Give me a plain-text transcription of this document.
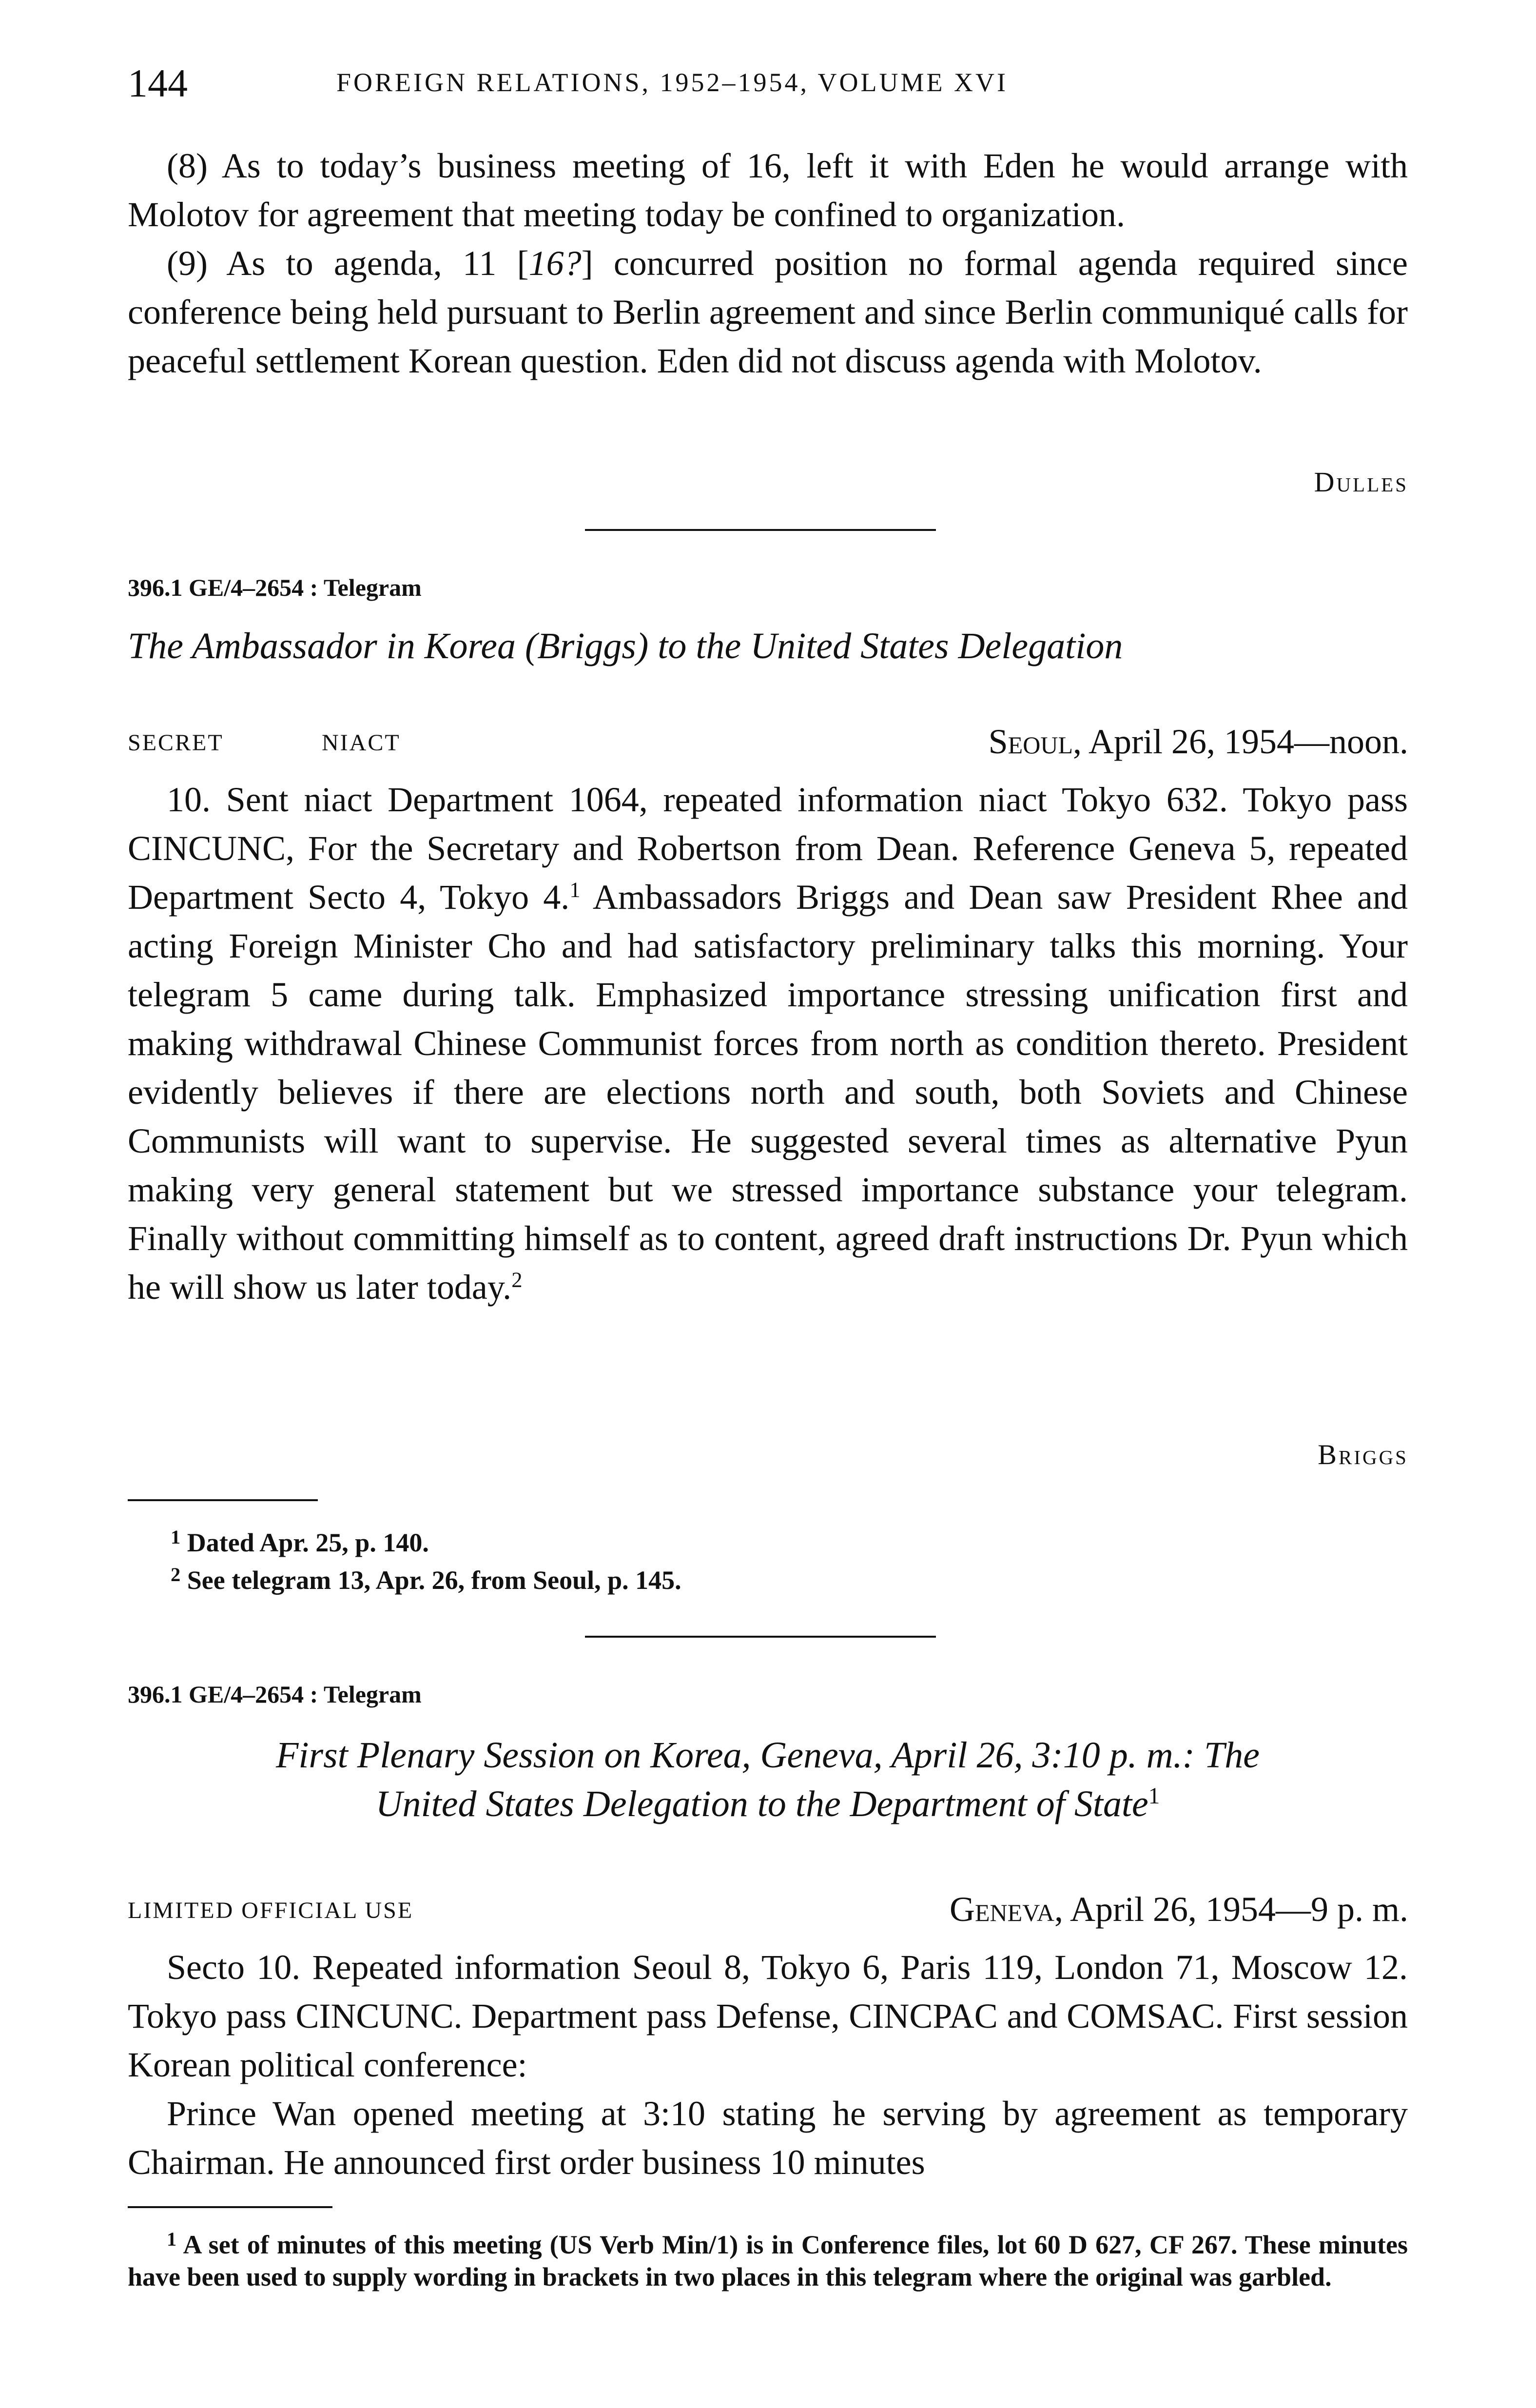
144	FOREIGN RELATIONS, 1952–1954, VOLUME XVI

(8) As to today’s business meeting of 16, left it with Eden he would arrange with Molotov for agreement that meeting today be confined to organization.

(9) As to agenda, 11 [16?] concurred position no formal agenda required since conference being held pursuant to Berlin agreement and since Berlin communiqué calls for peaceful settlement Korean question. Eden did not discuss agenda with Molotov.

Dulles
396.1 GE/4–2654 : Telegram
The Ambassador in Korea (Briggs) to the United States Delegation
SECRET	NIACT	Seoul, April 26, 1954—noon.
10. Sent niact Department 1064, repeated information niact Tokyo 632. Tokyo pass CINCUNC, For the Secretary and Robertson from Dean. Reference Geneva 5, repeated Department Secto 4, Tokyo 4.$^1$ Ambassadors Briggs and Dean saw President Rhee and acting Foreign Minister Cho and had satisfactory preliminary talks this morning. Your telegram 5 came during talk. Emphasized importance stressing unification first and making withdrawal Chinese Communist forces from north as condition thereto. President evidently believes if there are elections north and south, both Soviets and Chinese Communists will want to supervise. He suggested several times as alternative Pyun making very general statement but we stressed importance substance your telegram. Finally without committing himself as to content, agreed draft instructions Dr. Pyun which he will show us later today.$^2$
Briggs

$^1$ Dated Apr. 25, p. 140.

$^2$ See telegram 13, Apr. 26, from Seoul, p. 145.

396.1 GE/4–2654 : Telegram
First Plenary Session on Korea, Geneva, April 26, 3:10 p. m.: The
United States Delegation to the Department of State$^1$
LIMITED OFFICIAL USE	Geneva, April 26, 1954—9 p. m.

Secto 10. Repeated information Seoul 8, Tokyo 6, Paris 119, London 71, Moscow 12. Tokyo pass CINCUNC. Department pass Defense, CINCPAC and COMSAC. First session Korean political conference:

Prince Wan opened meeting at 3:10 stating he serving by agreement as temporary Chairman. He announced first order business 10 minutes

$^1$ A set of minutes of this meeting (US Verb Min/1) is in Conference files, lot 60 D 627, CF 267. These minutes have been used to supply wording in brackets in two places in this telegram where the original was garbled.
